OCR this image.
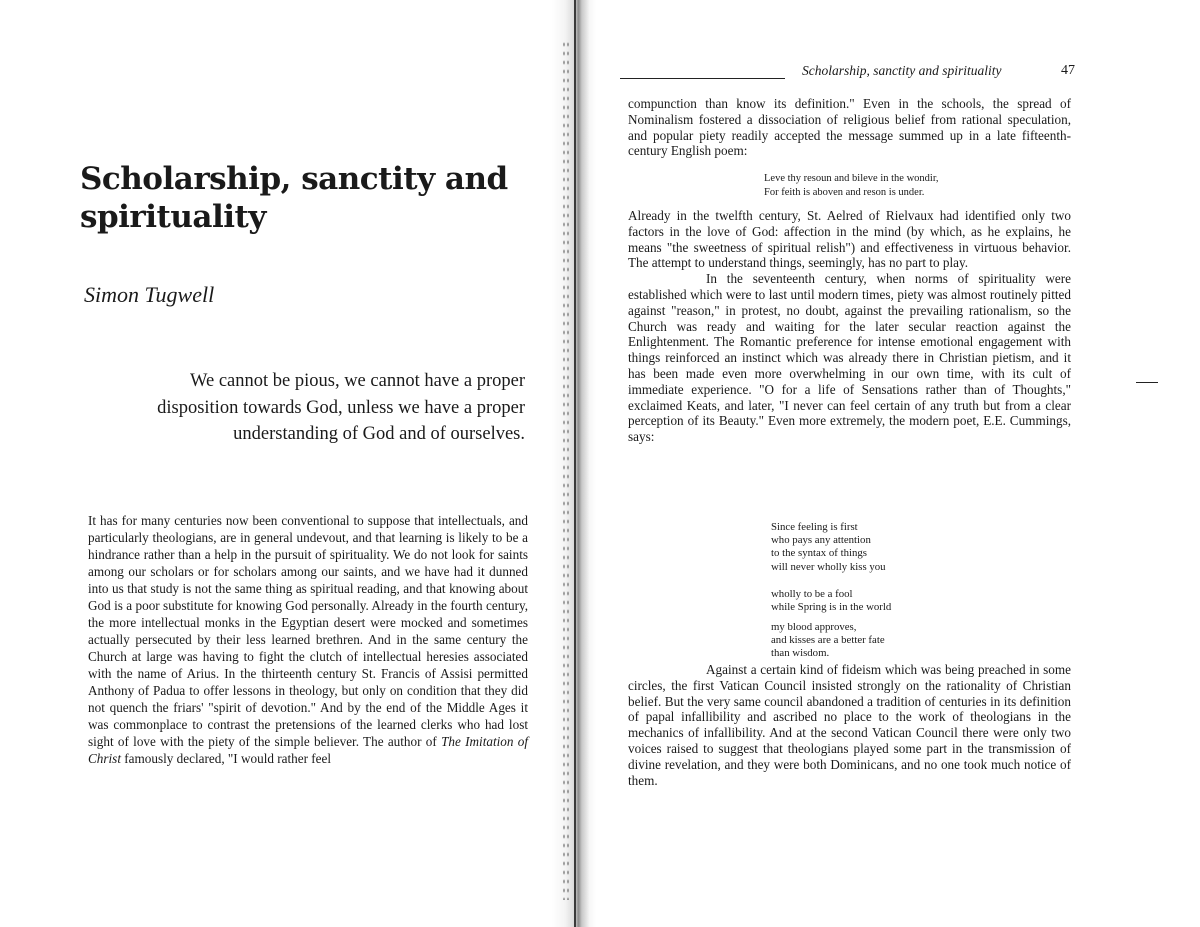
Scholarship, sanctity and spirituality

Simon Tugwell

We cannot be pious, we cannot have a proper disposition towards God, unless we have a proper understanding of God and of ourselves.

It has for many centuries now been conventional to suppose that intellectuals, and particularly theologians, are in general undevout, and that learning is likely to be a hindrance rather than a help in the pursuit of spirituality. We do not look for saints among our scholars or for scholars among our saints, and we have had it dunned into us that study is not the same thing as spiritual reading, and that knowing about God is a poor substitute for knowing God personally. Already in the fourth century, the more intellectual monks in the Egyptian desert were mocked and sometimes actually persecuted by their less learned brethren. And in the same century the Church at large was having to fight the clutch of intellectual heresies associated with the name of Arius. In the thirteenth century St. Francis of Assisi permitted Anthony of Padua to offer lessons in theology, but only on condition that they did not quench the friars' "spirit of devotion." And by the end of the Middle Ages it was commonplace to contrast the pretensions of the learned clerks who had lost sight of love with the piety of the simple believer. The author of The Imitation of Christ famously declared, "I would rather feel

Scholarship, sanctity and spirituality	47

compunction than know its definition." Even in the schools, the spread of Nominalism fostered a dissociation of religious belief from rational speculation, and popular piety readily accepted the message summed up in a late fifteenth-century English poem:

Leve thy resoun and bileve in the wondir,
For feith is aboven and reson is under.

Already in the twelfth century, St. Aelred of Rielvaux had identified only two factors in the love of God: affection in the mind (by which, as he explains, he means "the sweetness of spiritual relish") and effectiveness in virtuous behavior. The attempt to understand things, seemingly, has no part to play.

In the seventeenth century, when norms of spirituality were established which were to last until modern times, piety was almost routinely pitted against "reason," in protest, no doubt, against the prevailing rationalism, so the Church was ready and waiting for the later secular reaction against the Enlightenment. The Romantic preference for intense emotional engagement with things reinforced an instinct which was already there in Christian pietism, and it has been made even more overwhelming in our own time, with its cult of immediate experience. "O for a life of Sensations rather than of Thoughts," exclaimed Keats, and later, "I never can feel certain of any truth but from a clear perception of its Beauty." Even more extremely, the modern poet, E.E. Cummings, says:

Since feeling is first
who pays any attention
to the syntax of things
will never wholly kiss you
wholly to be a fool
while Spring is in the world
my blood approves,
and kisses are a better fate
than wisdom.

Against a certain kind of fideism which was being preached in some circles, the first Vatican Council insisted strongly on the rationality of Christian belief. But the very same council abandoned a tradition of centuries in its definition of papal infallibility and ascribed no place to the work of theologians in the mechanics of infallibility. And at the second Vatican Council there were only two voices raised to suggest that theologians played some part in the transmission of divine revelation, and they were both Dominicans, and no one took much notice of them.
